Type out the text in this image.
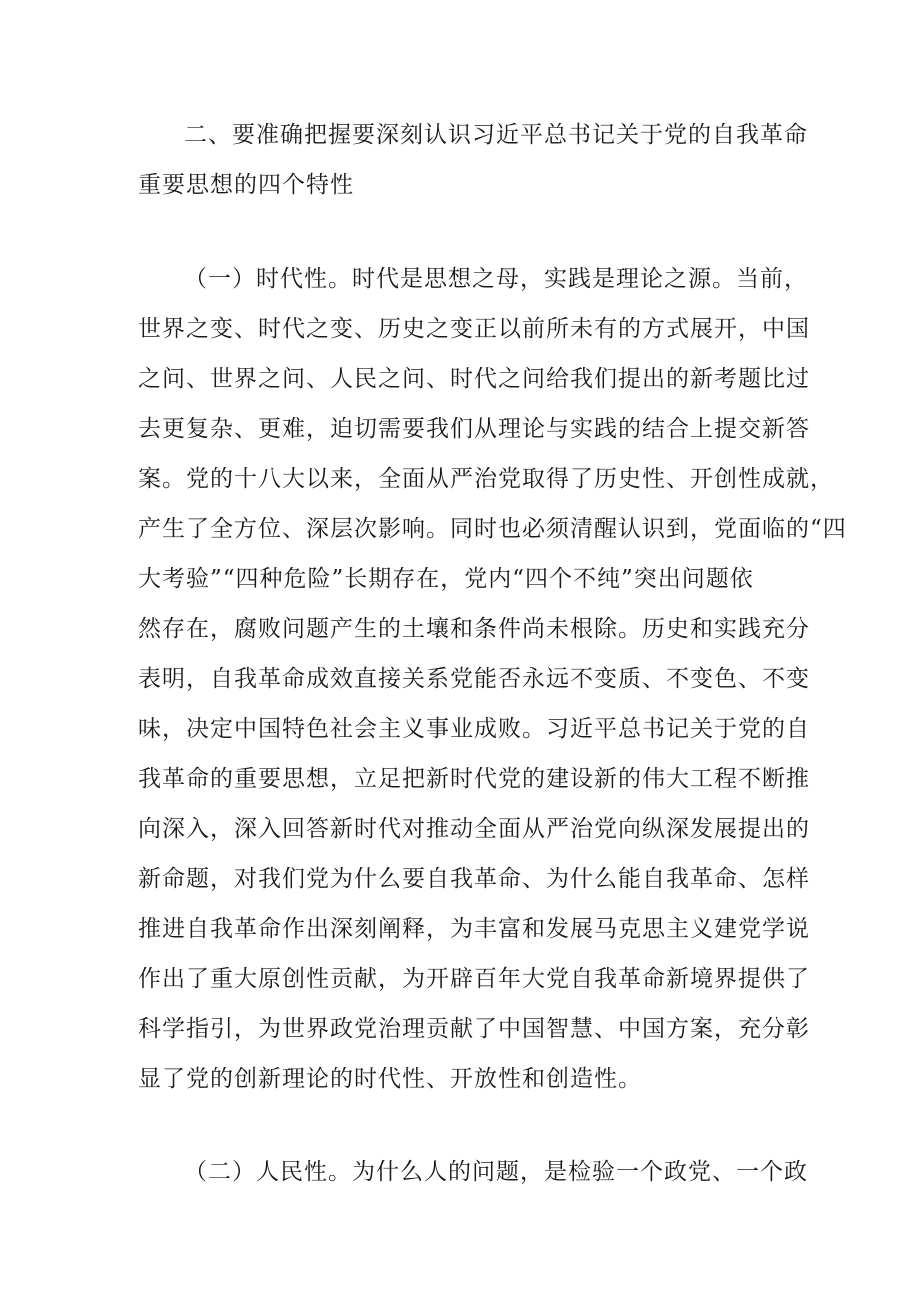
二、要准确把握要深刻认识习近平总书记关于党的自我革命
重要思想的四个特性
（一）时代性。时代是思想之母，实践是理论之源。当前，
世界之变、时代之变、历史之变正以前所未有的方式展开，中国
之问、世界之问、人民之问、时代之问给我们提出的新考题比过
去更复杂、更难，迫切需要我们从理论与实践的结合上提交新答
案。党的十八大以来，全面从严治党取得了历史性、开创性成就，
产生了全方位、深层次影响。同时也必须清醒认识到，党面临的“四
大考验”“四种危险”长期存在，党内“四个不纯”突出问题依
然存在，腐败问题产生的土壤和条件尚未根除。历史和实践充分
表明，自我革命成效直接关系党能否永远不变质、不变色、不变
味，决定中国特色社会主义事业成败。习近平总书记关于党的自
我革命的重要思想，立足把新时代党的建设新的伟大工程不断推
向深入，深入回答新时代对推动全面从严治党向纵深发展提出的
新命题，对我们党为什么要自我革命、为什么能自我革命、怎样
推进自我革命作出深刻阐释，为丰富和发展马克思主义建党学说
作出了重大原创性贡献，为开辟百年大党自我革命新境界提供了
科学指引，为世界政党治理贡献了中国智慧、中国方案，充分彰
显了党的创新理论的时代性、开放性和创造性。
（二）人民性。为什么人的问题，是检验一个政党、一个政
